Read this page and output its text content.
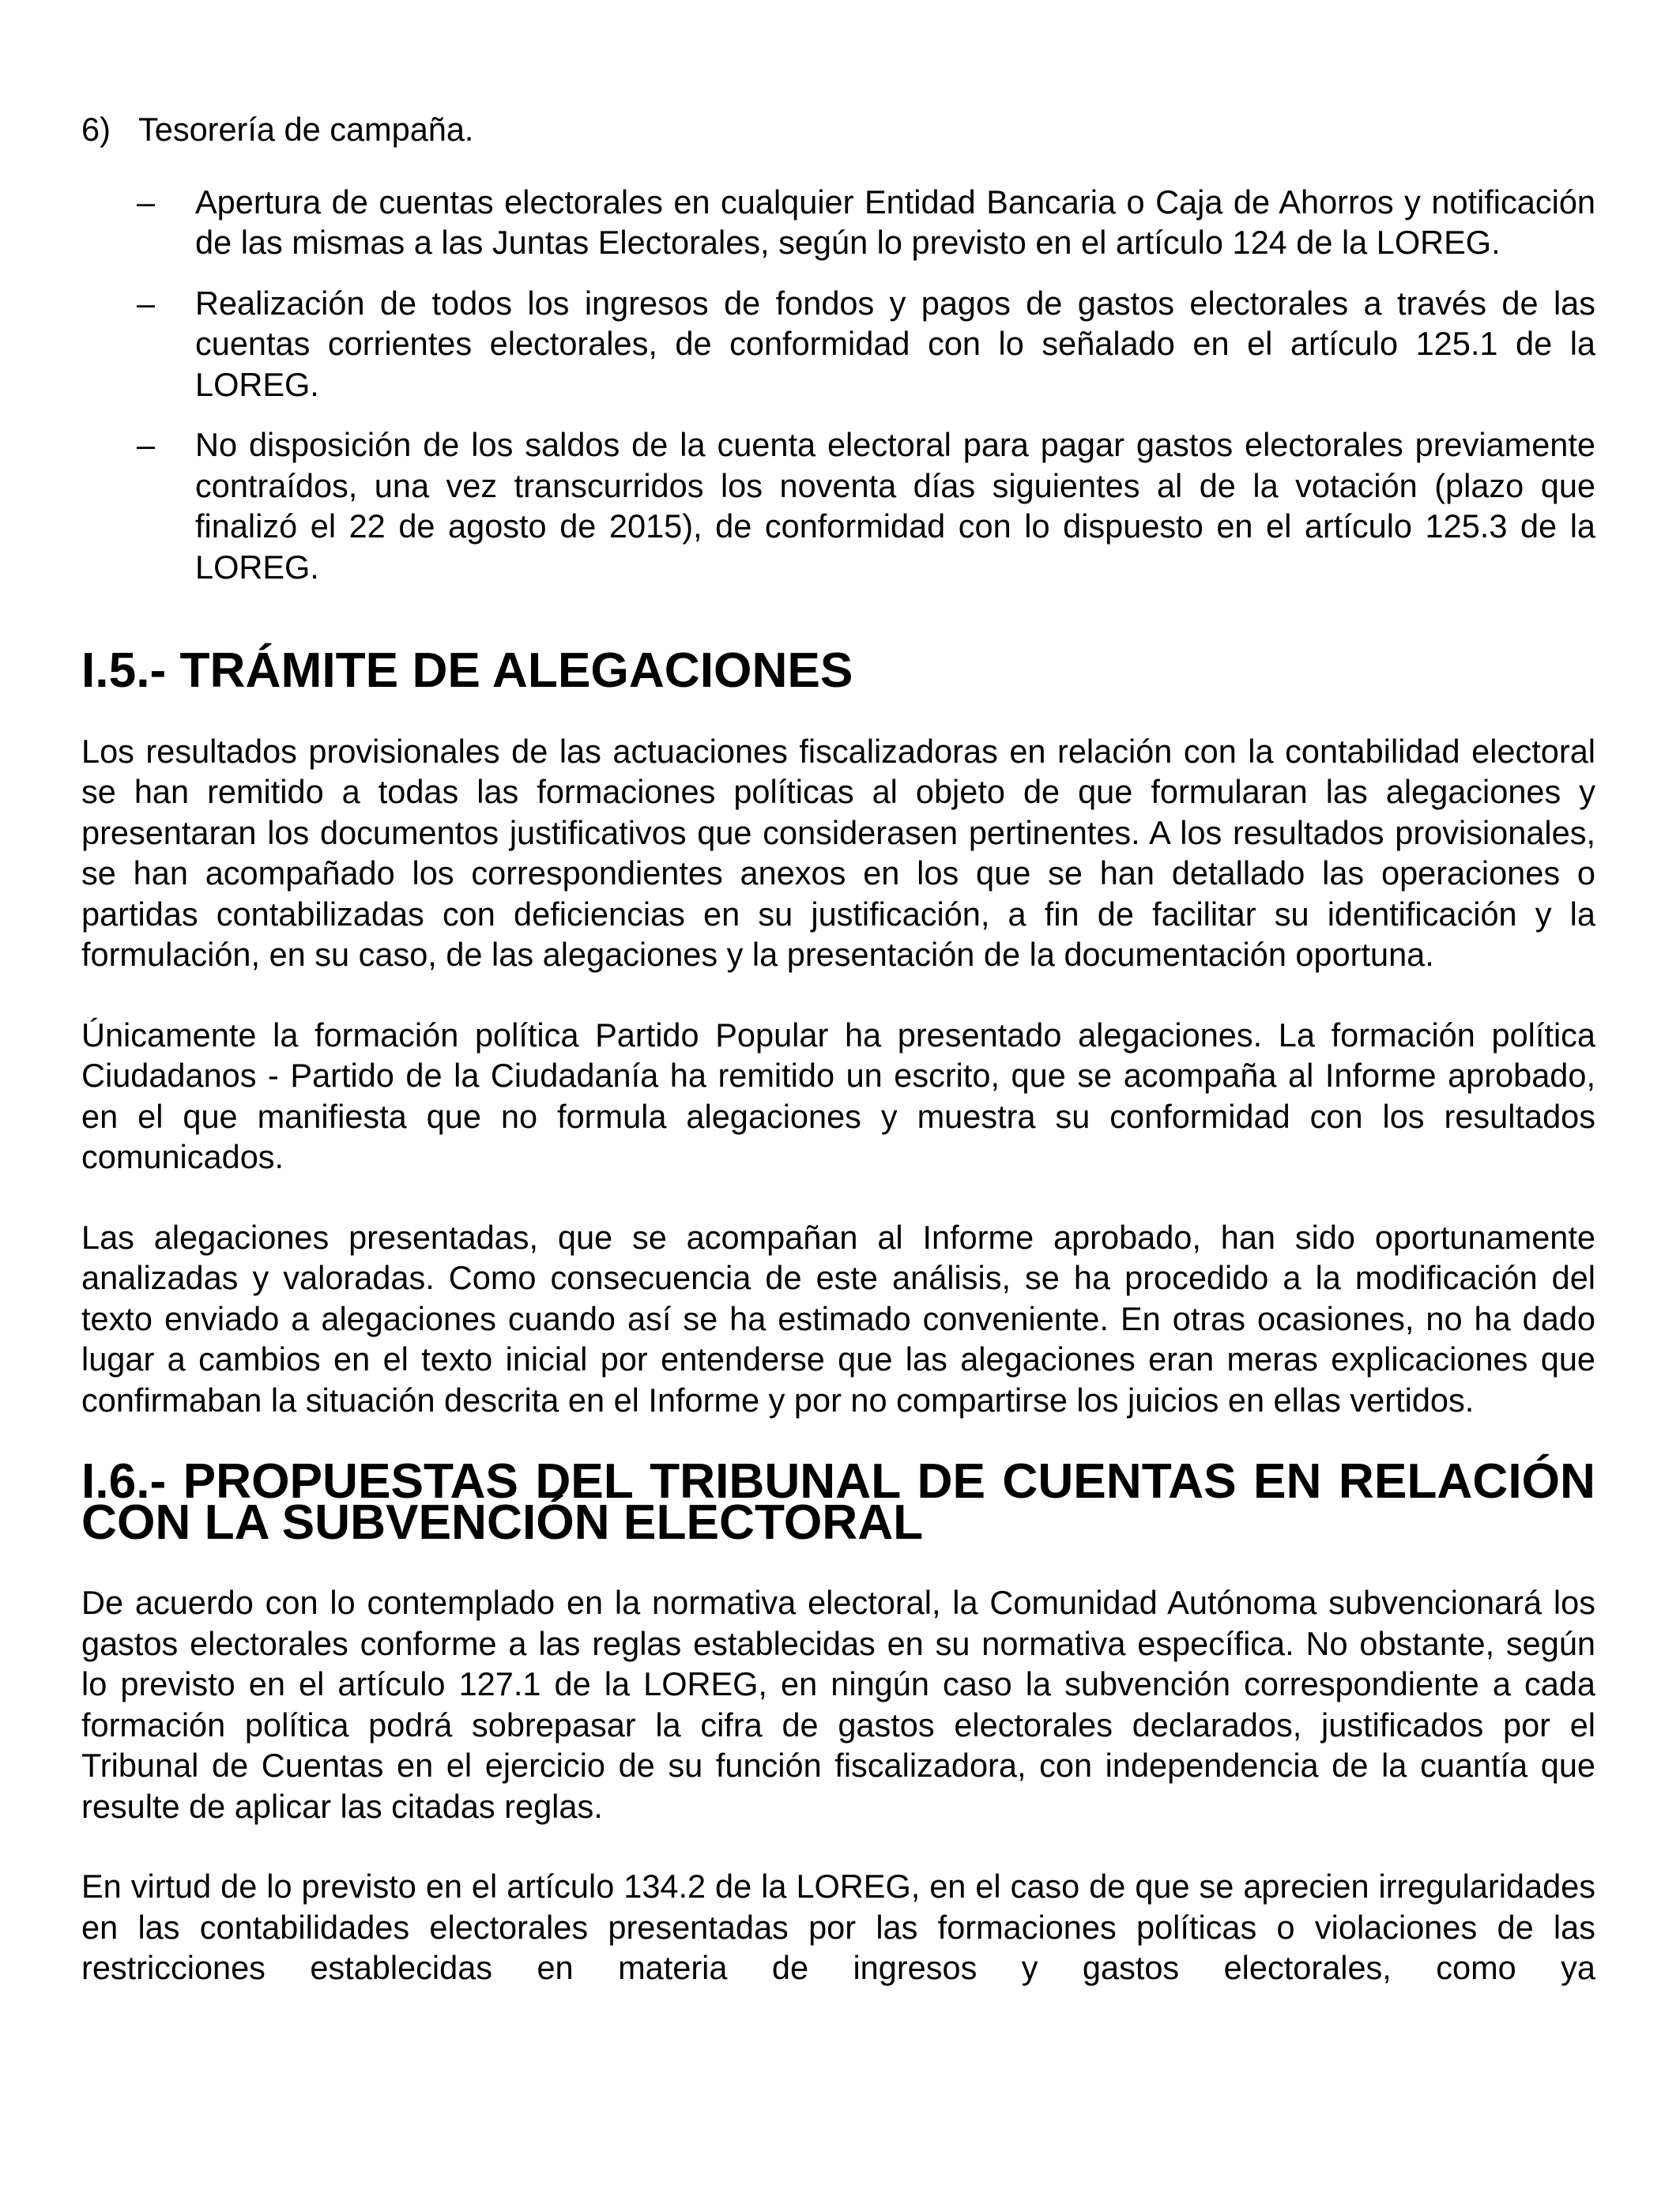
6) Tesorería de campaña.
–	Apertura de cuentas electorales en cualquier Entidad Bancaria o Caja de Ahorros y notificación de las mismas a las Juntas Electorales, según lo previsto en el artículo 124 de la LOREG.

–	Realización de todos los ingresos de fondos y pagos de gastos electorales a través de las cuentas corrientes electorales, de conformidad con lo señalado en el artículo 125.1 de la LOREG.

–	No disposición de los saldos de la cuenta electoral para pagar gastos electorales previamente contraídos, una vez transcurridos los noventa días siguientes al de la votación (plazo que finalizó el 22 de agosto de 2015), de conformidad con lo dispuesto en el artículo 125.3 de la LOREG.

I.5.- TRÁMITE DE ALEGACIONES

Los resultados provisionales de las actuaciones fiscalizadoras en relación con la contabilidad electoral se han remitido a todas las formaciones políticas al objeto de que formularan las alegaciones y presentaran los documentos justificativos que considerasen pertinentes. A los resultados provisionales, se han acompañado los correspondientes anexos en los que se han detallado las operaciones o partidas contabilizadas con deficiencias en su justificación, a fin de facilitar su identificación y la formulación, en su caso, de las alegaciones y la presentación de la documentación oportuna.

Únicamente la formación política Partido Popular ha presentado alegaciones. La formación política Ciudadanos - Partido de la Ciudadanía ha remitido un escrito, que se acompaña al Informe aprobado, en el que manifiesta que no formula alegaciones y muestra su conformidad con los resultados comunicados.

Las alegaciones presentadas, que se acompañan al Informe aprobado, han sido oportunamente analizadas y valoradas. Como consecuencia de este análisis, se ha procedido a la modificación del texto enviado a alegaciones cuando así se ha estimado conveniente. En otras ocasiones, no ha dado lugar a cambios en el texto inicial por entenderse que las alegaciones eran meras explicaciones que confirmaban la situación descrita en el Informe y por no compartirse los juicios en ellas vertidos.

I.6.- PROPUESTAS DEL TRIBUNAL DE CUENTAS EN RELACIÓN CON LA SUBVENCIÓN ELECTORAL

De acuerdo con lo contemplado en la normativa electoral, la Comunidad Autónoma subvencionará los gastos electorales conforme a las reglas establecidas en su normativa específica. No obstante, según lo previsto en el artículo 127.1 de la LOREG, en ningún caso la subvención correspondiente a cada formación política podrá sobrepasar la cifra de gastos electorales declarados, justificados por el Tribunal de Cuentas en el ejercicio de su función fiscalizadora, con independencia de la cuantía que resulte de aplicar las citadas reglas.

En virtud de lo previsto en el artículo 134.2 de la LOREG, en el caso de que se aprecien irregularidades en las contabilidades electorales presentadas por las formaciones políticas o violaciones de las restricciones establecidas en materia de ingresos y gastos electorales, como ya
